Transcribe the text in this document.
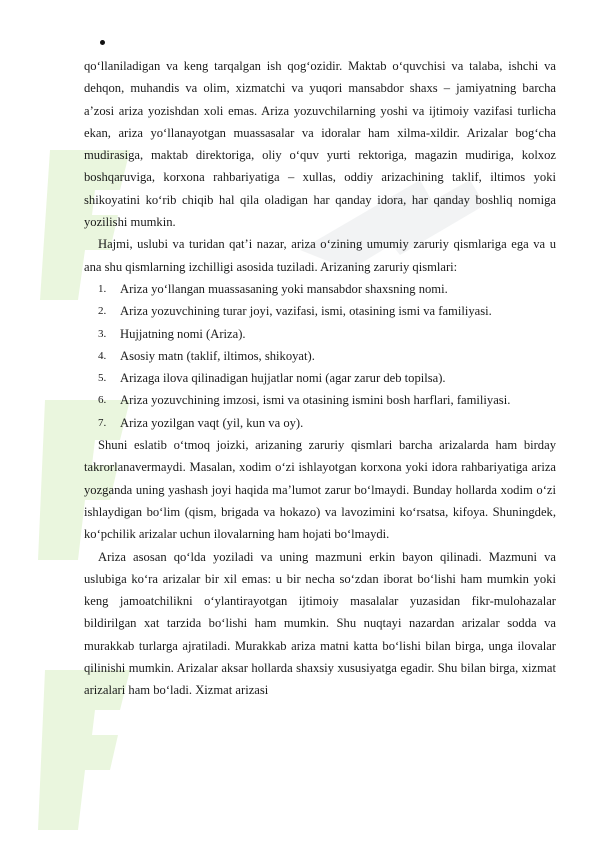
qo‘llaniladigan va keng tarqalgan ish qog‘ozidir. Maktab o‘quvchisi va talaba, ishchi va dehqon, muhandis va olim, xizmatchi va yuqori mansabdor shaxs – jamiyatning barcha a’zosi ariza yozishdan xoli emas. Ariza yozuvchilarning yoshi va ijtimoiy vazifasi turlicha ekan, ariza yo‘llanayotgan muassasalar va idoralar ham xilma-xildir. Arizalar bog‘cha mudirasiga, maktab direktoriga, oliy o‘quv yurti rektoriga, magazin mudiriga, kolxoz boshqaruviga, korxona rahbariyatiga – xullas, oddiy arizachining taklif, iltimos yoki shikoyatini ko‘rib chiqib hal qila oladigan har qanday idora, har qanday boshliq nomiga yozilishi mumkin.

Hajmi, uslubi va turidan qat’i nazar, ariza o‘zining umumiy zaruriy qismlariga ega va u ana shu qismlarning izchilligi asosida tuziladi. Arizaning zaruriy qismlari:

1.	Ariza yo‘llangan muassasaning yoki mansabdor shaxsning nomi.
2.	Ariza yozuvchining turar joyi, vazifasi, ismi, otasining ismi va familiyasi.
3.	Hujjatning nomi (Ariza).
4.	Asosiy matn (taklif, iltimos, shikoyat).
5.	Arizaga ilova qilinadigan hujjatlar nomi (agar zarur deb topilsa).
6.	Ariza yozuvchining imzosi, ismi va otasining ismini bosh harflari, familiyasi.
7.	Ariza yozilgan vaqt (yil, kun va oy).

Shuni eslatib o‘tmoq joizki, arizaning zaruriy qismlari barcha arizalarda ham birday takrorlanavermaydi. Masalan, xodim o‘zi ishlayotgan korxona yoki idora rahbariyatiga ariza yozganda uning yashash joyi haqida ma’lumot zarur bo‘lmaydi. Bunday hollarda xodim o‘zi ishlaydigan bo‘lim (qism, brigada va hokazo) va lavozimini ko‘rsatsa, kifoya. Shuningdek, ko‘pchilik arizalar uchun ilovalarning ham hojati bo‘lmaydi.

Ariza asosan qo‘lda yoziladi va uning mazmuni erkin bayon qilinadi. Mazmuni va uslubiga ko‘ra arizalar bir xil emas: u bir necha so‘zdan iborat bo‘lishi ham mumkin yoki keng jamoatchilikni o‘ylantirayotgan ijtimoiy masalalar yuzasidan fikr-mulohazalar bildirilgan xat tarzida bo‘lishi ham mumkin. Shu nuqtayi nazardan arizalar sodda va murakkab turlarga ajratiladi. Murakkab ariza matni katta bo‘lishi bilan birga, unga ilovalar qilinishi mumkin. Arizalar aksar hollarda shaxsiy xususiyatga egadir. Shu bilan birga, xizmat arizalari ham bo‘ladi. Xizmat arizasi
